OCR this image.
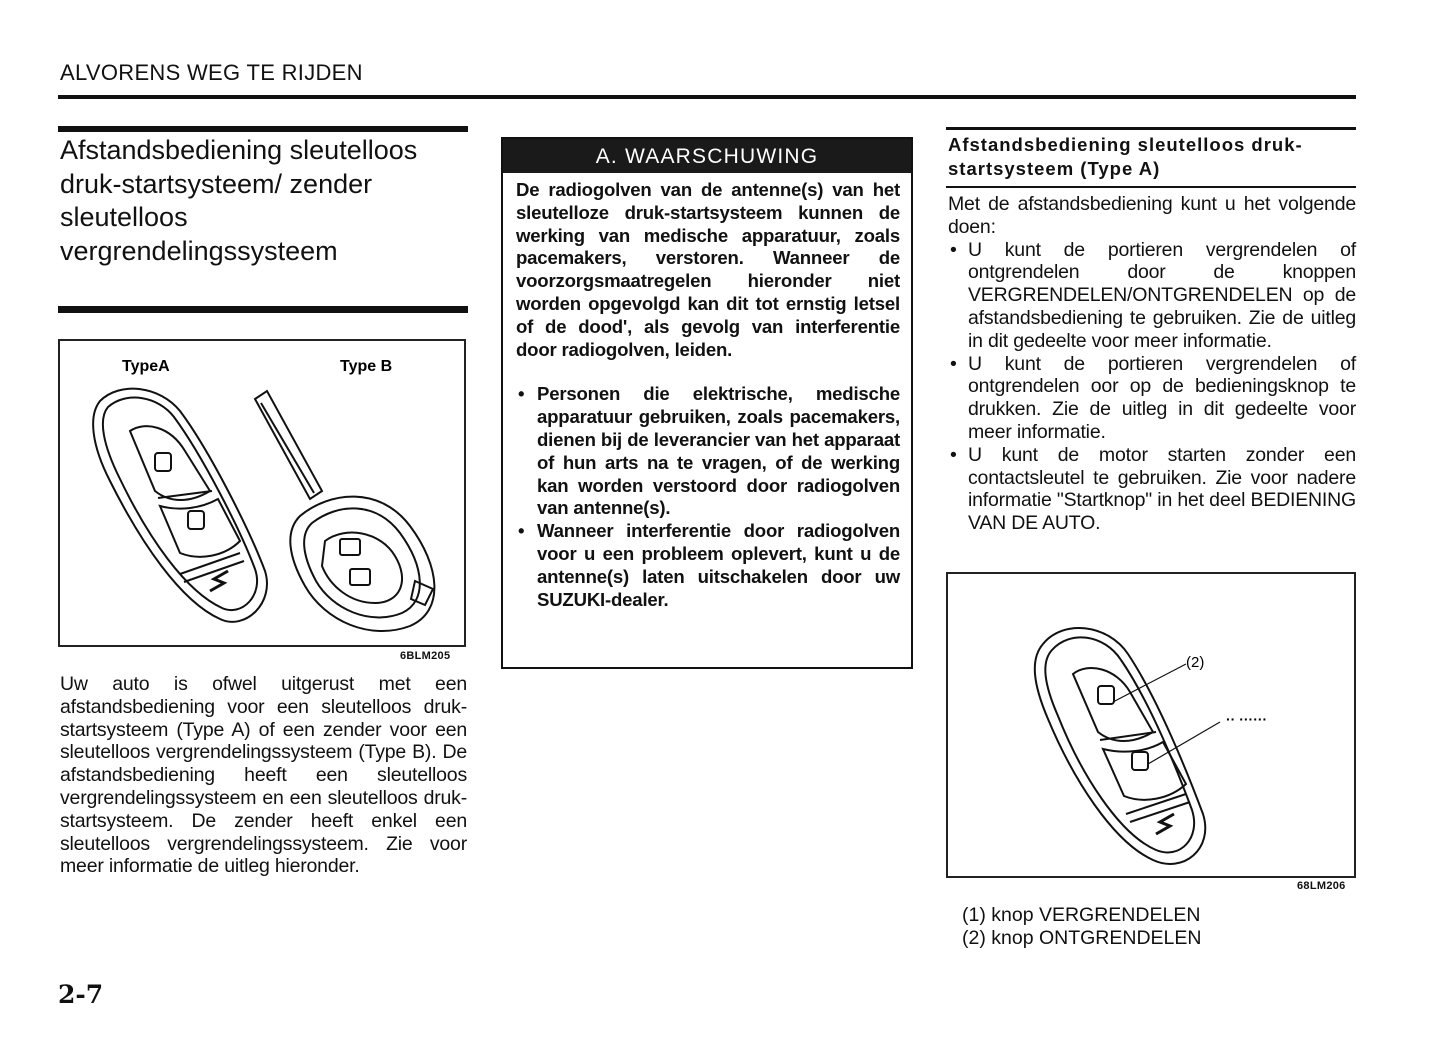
ALVORENS WEG TE RIJDEN
Afstandsbediening sleutelloos druk-startsysteem/ zender sleutelloos vergrendelingssysteem
TypeA	Type B
6BLM205
Uw auto is ofwel uitgerust met een afstandsbediening voor een sleutelloos druk-startsysteem (Type A) of een zender voor een sleutelloos vergrendelingssysteem (Type B). De afstandsbediening heeft een sleutelloos vergrendelingssysteem en een sleutelloos druk-startsysteem. De zender heeft enkel een sleutelloos vergrendelingssysteem. Zie voor meer informatie de uitleg hieronder.
2-7
A. WAARSCHUWING
De radiogolven van de antenne(s) van het sleutelloze druk-startsysteem kunnen de werking van medische apparatuur, zoals pacemakers, verstoren. Wanneer de voorzorgsmaatregelen hieronder niet worden opgevolgd kan dit tot ernstig letsel of de dood', als gevolg van interferentie door radiogolven, leiden.
• Personen die elektrische, medische apparatuur gebruiken, zoals pacemakers, dienen bij de leverancier van het apparaat of hun arts na te vragen, of de werking kan worden verstoord door radiogolven van antenne(s).
• Wanneer interferentie door radiogolven voor u een probleem oplevert, kunt u de antenne(s) laten uitschakelen door uw SUZUKI-dealer.
Afstandsbediening sleutelloos druk-startsysteem (Type A)
Met de afstandsbediening kunt u het volgende doen:
• U kunt de portieren vergrendelen of ontgrendelen door de knoppen VERGRENDELEN/ONTGRENDELEN op de afstandsbediening te gebruiken. Zie de uitleg in dit gedeelte voor meer informatie.
• U kunt de portieren vergrendelen of ontgrendelen oor op de bedieningsknop te drukken. Zie de uitleg in dit gedeelte voor meer informatie.
• U kunt de motor starten zonder een contactsleutel te gebruiken. Zie voor nadere informatie "Startknop" in het deel BEDIENING VAN DE AUTO.
(2)
·· ······
68LM206
(1) knop VERGRENDELEN
(2) knop ONTGRENDELEN
